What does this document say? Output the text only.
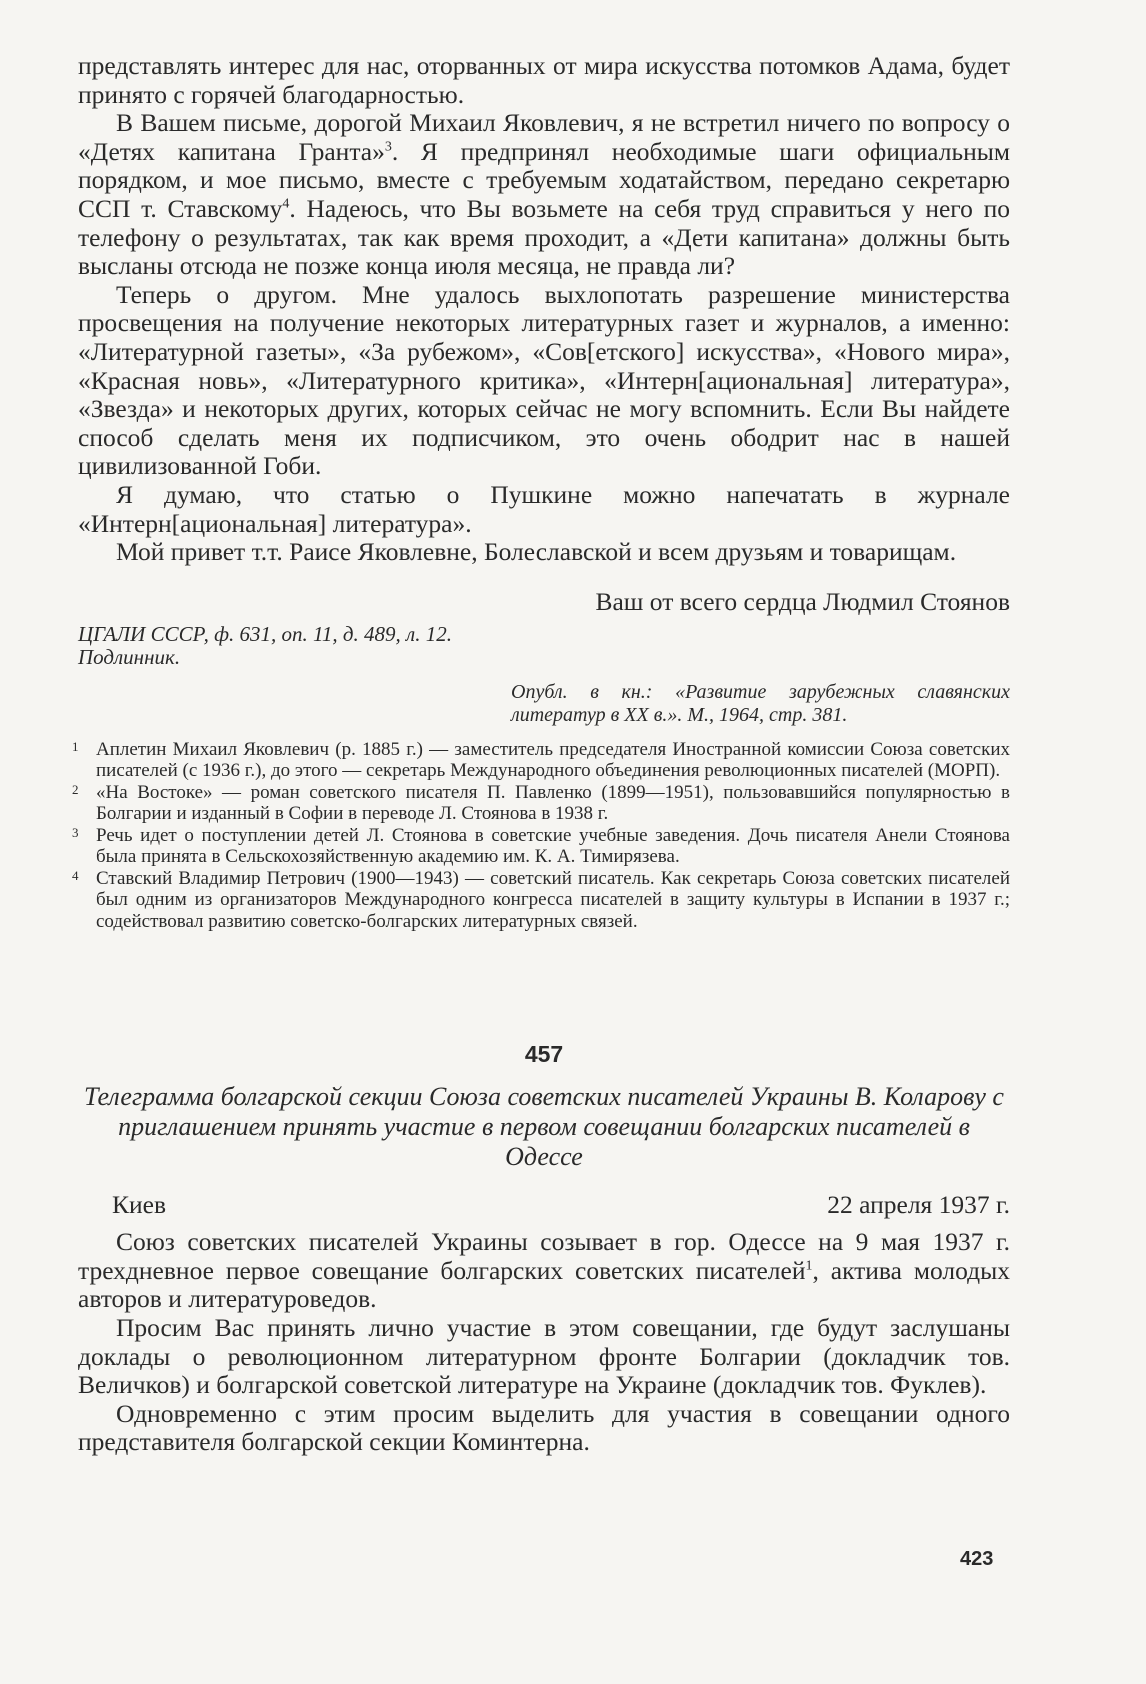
представлять интерес для нас, оторванных от мира искусства потомков Адама, будет принято с горячей благодарностью.

В Вашем письме, дорогой Михаил Яковлевич, я не встретил ничего по вопросу о «Детях капитана Гранта»$^3$. Я предпринял необходимые шаги официальным порядком, и мое письмо, вместе с требуемым ходатайством, передано секретарю ССП т. Ставскому$^4$. Надеюсь, что Вы возьмете на себя труд справиться у него по телефону о результатах, так как время проходит, а «Дети капитана» должны быть высланы отсюда не позже конца июля месяца, не правда ли?

Теперь о другом. Мне удалось выхлопотать разрешение министерства просвещения на получение некоторых литературных газет и журналов, а именно: «Литературной газеты», «За рубежом», «Сов[етского] искусства», «Нового мира», «Красная новь», «Литературного критика», «Интерн[ациональная] литература», «Звезда» и некоторых других, которых сейчас не могу вспомнить. Если Вы найдете способ сделать меня их подписчиком, это очень ободрит нас в нашей цивилизованной Гоби.

Я думаю, что статью о Пушкине можно напечатать в журнале «Интерн[ациональная] литература».

Мой привет т.т. Раисе Яковлевне, Болеславской и всем друзьям и товарищам.

Ваш от всего сердца Людмил Стоянов

ЦГАЛИ СССР, ф. 631, оп. 11, д. 489, л. 12.
Подлинник.

Опубл. в кн.: «Развитие зарубежных славянских литератур в XX в.». М., 1964, стр. 381.

1 Аплетин Михаил Яковлевич (р. 1885 г.) — заместитель председателя Иностранной комиссии Союза советских писателей (с 1936 г.), до этого — секретарь Международного объединения революционных писателей (МОРП).

2 «На Востоке» — роман советского писателя П. Павленко (1899—1951), пользовавшийся популярностью в Болгарии и изданный в Софии в переводе Л. Стоянова в 1938 г.

3 Речь идет о поступлении детей Л. Стоянова в советские учебные заведения. Дочь писателя Анели Стоянова была принята в Сельскохозяйственную академию им. К. А. Тимирязева.

4 Ставский Владимир Петрович (1900—1943) — советский писатель. Как секретарь Союза советских писателей был одним из организаторов Международного конгресса писателей в защиту культуры в Испании в 1937 г.; содействовал развитию советско-болгарских литературных связей.

457
Телеграмма болгарской секции Союза советских писателей Украины В. Коларову с приглашением принять участие в первом совещании болгарских писателей в Одессе
Киев	22 апреля 1937 г.

Союз советских писателей Украины созывает в гор. Одессе на 9 мая 1937 г. трехдневное первое совещание болгарских советских писателей$^1$, актива молодых авторов и литературоведов.

Просим Вас принять лично участие в этом совещании, где будут заслушаны доклады о революционном литературном фронте Болгарии (докладчик тов. Величков) и болгарской советской литературе на Украине (докладчик тов. Фуклев).

Одновременно с этим просим выделить для участия в совещании одного представителя болгарской секции Коминтерна.

423
